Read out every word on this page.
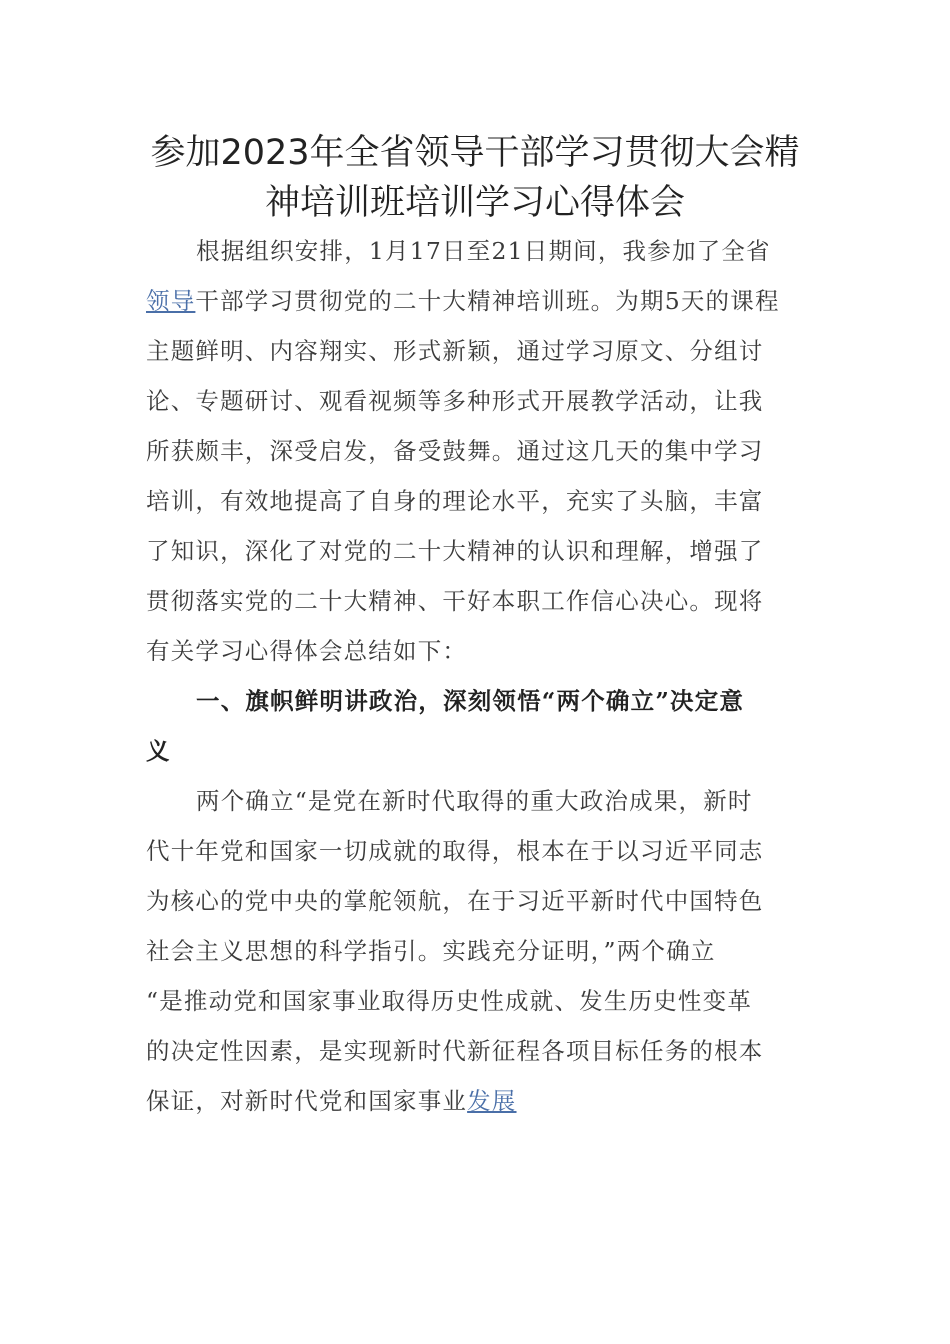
参加2023年全省领导干部学习贯彻大会精
神培训班培训学习心得体会
根据组织安排，1月17日至21日期间，我参加了全省
领导干部学习贯彻党的二十大精神培训班。为期5天的课程
主题鲜明、内容翔实、形式新颖，通过学习原文、分组讨
论、专题研讨、观看视频等多种形式开展教学活动，让我
所获颇丰，深受启发，备受鼓舞。通过这几天的集中学习
培训，有效地提高了自身的理论水平，充实了头脑，丰富
了知识，深化了对党的二十大精神的认识和理解，增强了
贯彻落实党的二十大精神、干好本职工作信心决心。现将
有关学习心得体会总结如下：
一、旗帜鲜明讲政治，深刻领悟“两个确立”决定意
义
两个确立“是党在新时代取得的重大政治成果，新时
代十年党和国家一切成就的取得，根本在于以习近平同志
为核心的党中央的掌舵领航，在于习近平新时代中国特色
社会主义思想的科学指引。实践充分证明，”两个确立
“是推动党和国家事业取得历史性成就、发生历史性变革
的决定性因素，是实现新时代新征程各项目标任务的根本
保证，对新时代党和国家事业发展
